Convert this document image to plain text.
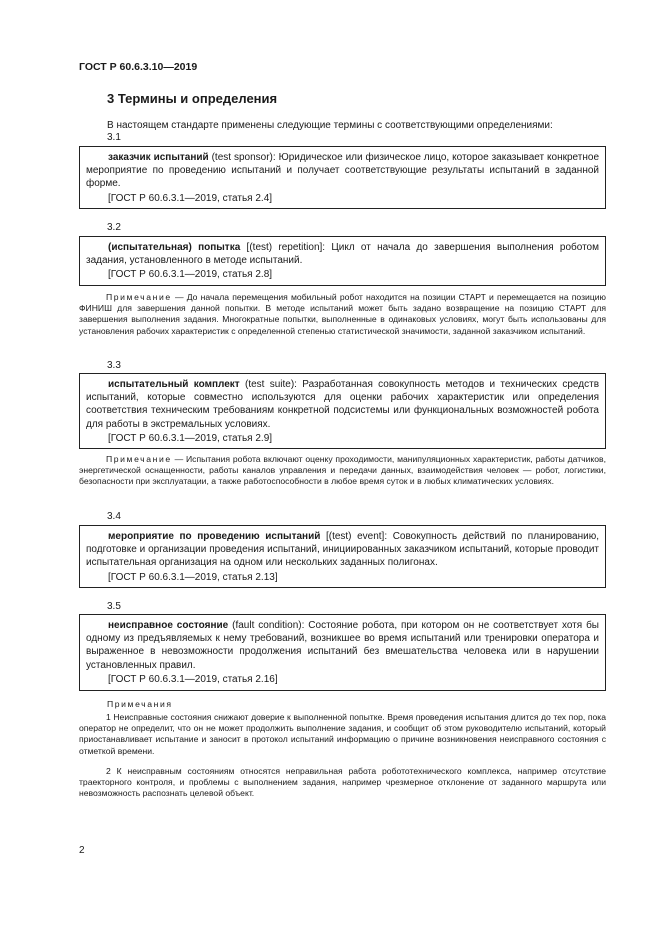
ГОСТ Р 60.6.3.10—2019
3 Термины и определения
В настоящем стандарте применены следующие термины с соответствующими определениями:
3.1
заказчик испытаний (test sponsor): Юридическое или физическое лицо, которое заказывает конкретное мероприятие по проведению испытаний и получает соответствующие результаты испытаний в заданной форме.
[ГОСТ Р 60.6.3.1—2019, статья 2.4]
3.2
(испытательная) попытка [(test) repetition]: Цикл от начала до завершения выполнения роботом задания, установленного в методе испытаний.
[ГОСТ Р 60.6.3.1—2019, статья 2.8]
Примечание — До начала перемещения мобильный робот находится на позиции СТАРТ и перемещается на позицию ФИНИШ для завершения данной попытки. В методе испытаний может быть задано возвращение на позицию СТАРТ для завершения выполнения задания. Многократные попытки, выполненные в одинаковых условиях, могут быть использованы для установления рабочих характеристик с определенной степенью статистической значимости, заданной заказчиком испытаний.
3.3
испытательный комплект (test suite): Разработанная совокупность методов и технических средств испытаний, которые совместно используются для оценки рабочих характеристик или определения соответствия техническим требованиям конкретной подсистемы или функциональных возможностей робота для работы в экстремальных условиях.
[ГОСТ Р 60.6.3.1—2019, статья 2.9]
Примечание — Испытания робота включают оценку проходимости, манипуляционных характеристик, работы датчиков, энергетической оснащенности, работы каналов управления и передачи данных, взаимодействия человек — робот, логистики, безопасности при эксплуатации, а также работоспособности в любое время суток и в любых климатических условиях.
3.4
мероприятие по проведению испытаний [(test) event]: Совокупность действий по планированию, подготовке и организации проведения испытаний, инициированных заказчиком испытаний, которые проводит испытательная организация на одном или нескольких заданных полигонах.
[ГОСТ Р 60.6.3.1—2019, статья 2.13]
3.5
неисправное состояние (fault condition): Состояние робота, при котором он не соответствует хотя бы одному из предъявляемых к нему требований, возникшее во время испытаний или тренировки оператора и выраженное в невозможности продолжения испытаний без вмешательства человека или в нарушении установленных правил.
[ГОСТ Р 60.6.3.1—2019, статья 2.16]
Примечания
1 Неисправные состояния снижают доверие к выполненной попытке. Время проведения испытания длится до тех пор, пока оператор не определит, что он не может продолжить выполнение задания, и сообщит об этом руководителю испытаний, который приостанавливает испытание и заносит в протокол испытаний информацию о причине возникновения неисправного состояния с отметкой времени.
2 К неисправным состояниям относятся неправильная работа робототехнического комплекса, например отсутствие траекторного контроля, и проблемы с выполнением задания, например чрезмерное отклонение от заданного маршрута или невозможность распознать целевой объект.
2
